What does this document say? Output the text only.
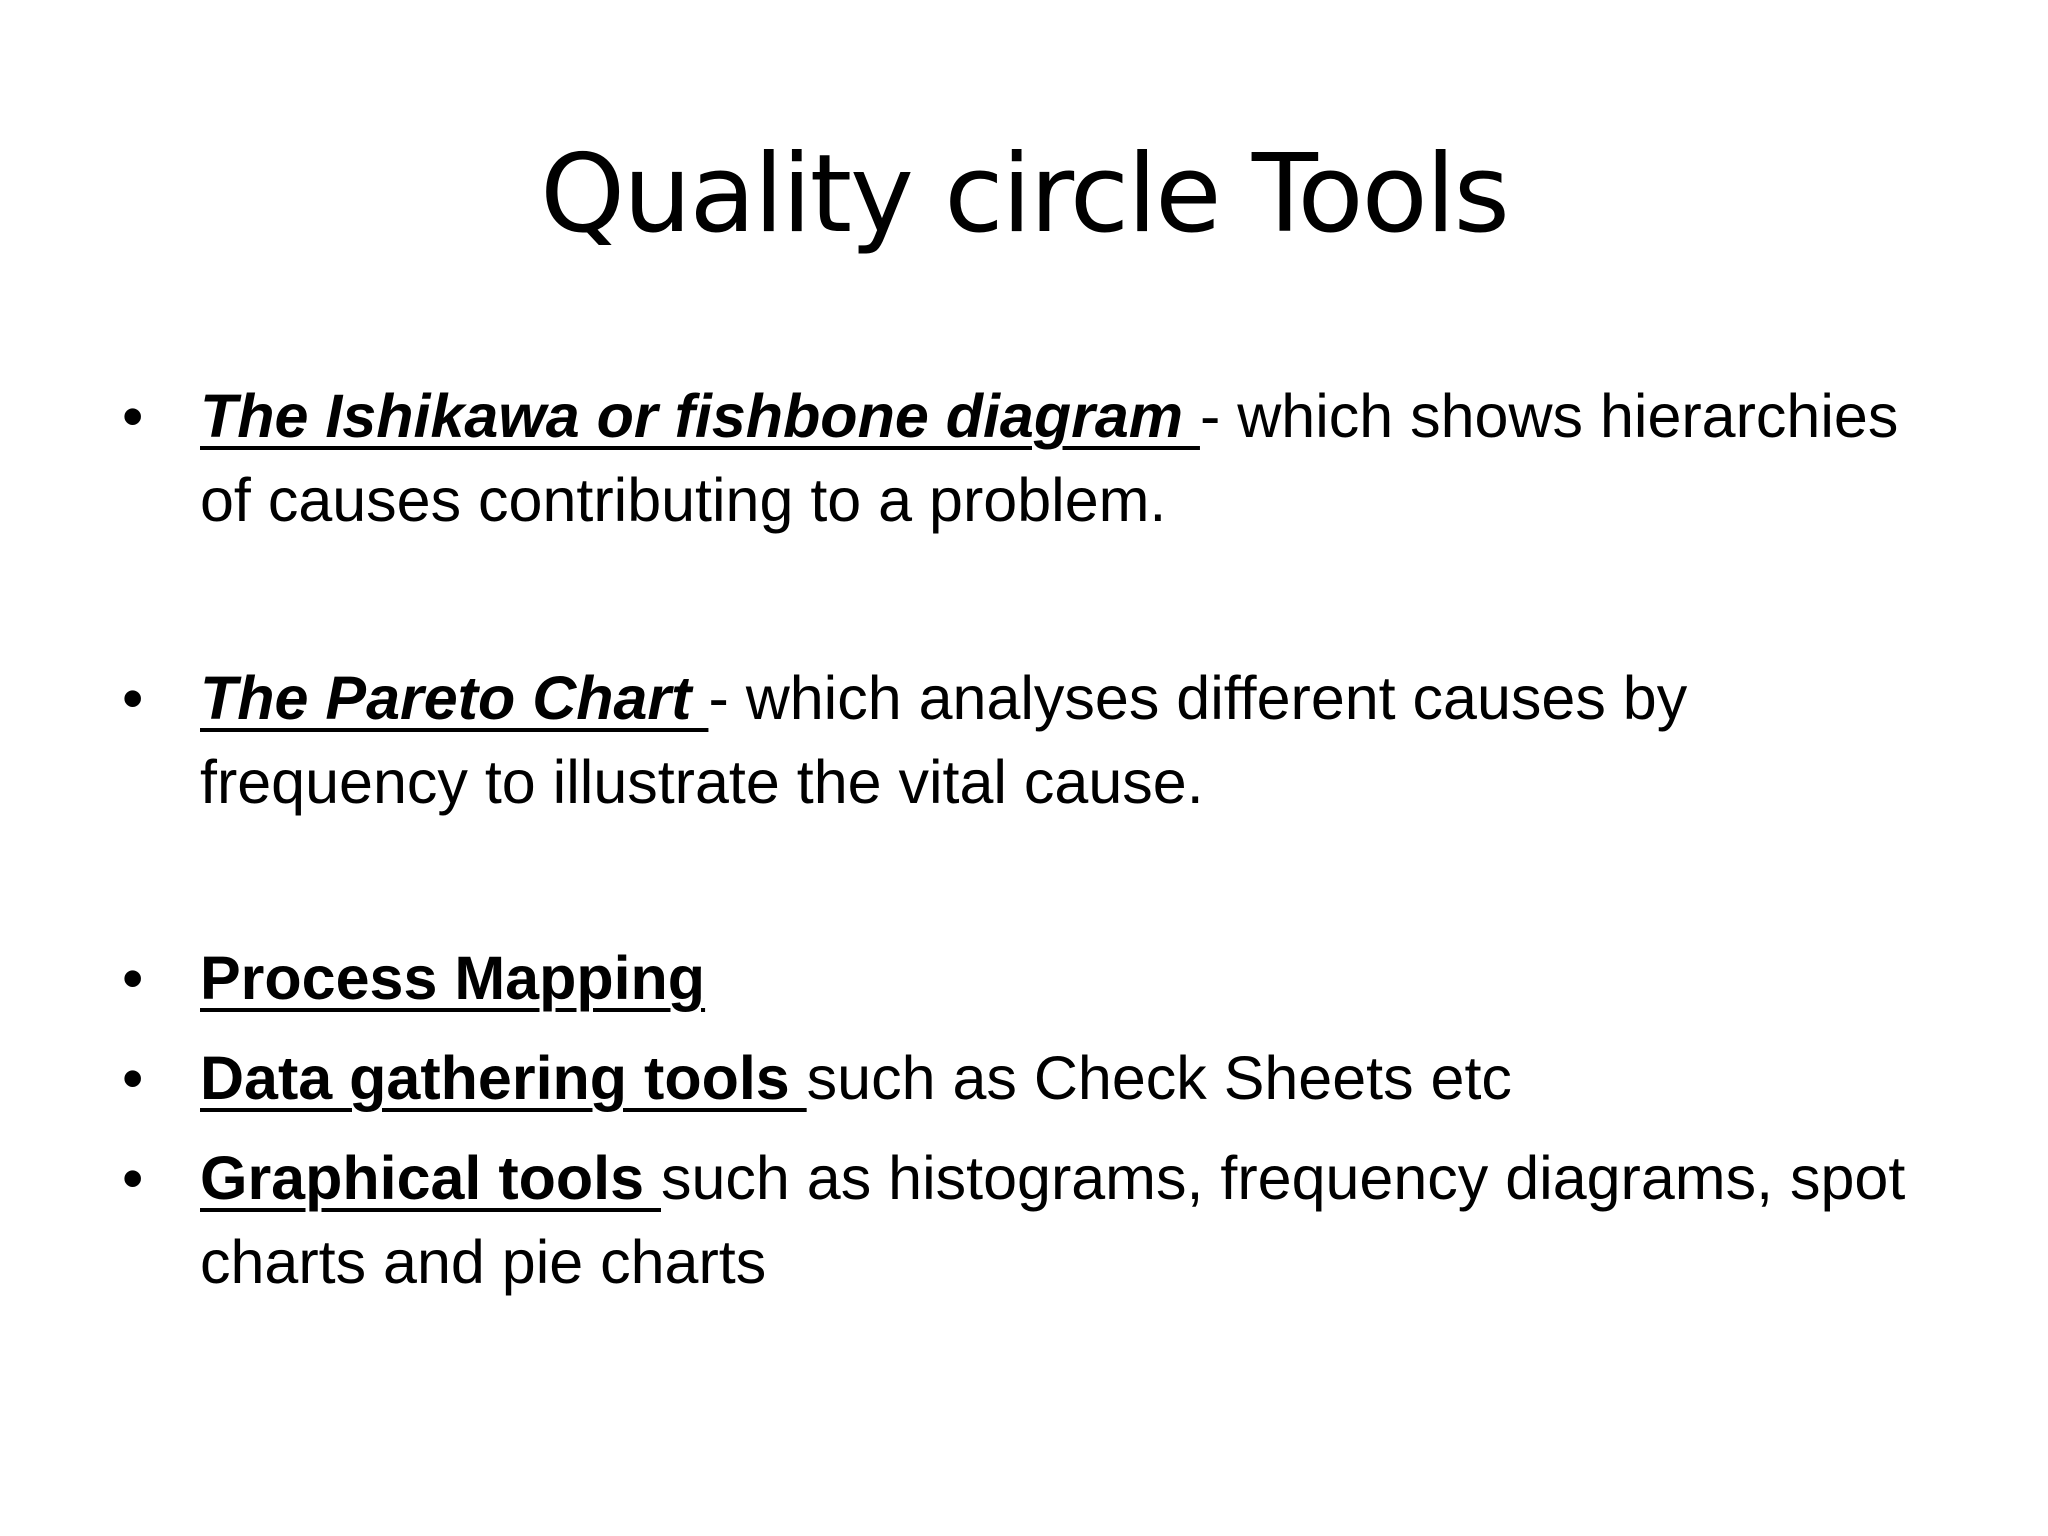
Quality circle Tools
• The Ishikawa or fishbone diagram - which shows hierarchies of causes contributing to a problem.
• The Pareto Chart - which analyses different causes by frequency to illustrate the vital cause.
• Process Mapping
• Data gathering tools such as Check Sheets etc
• Graphical tools such as histograms, frequency diagrams, spot charts and pie charts
